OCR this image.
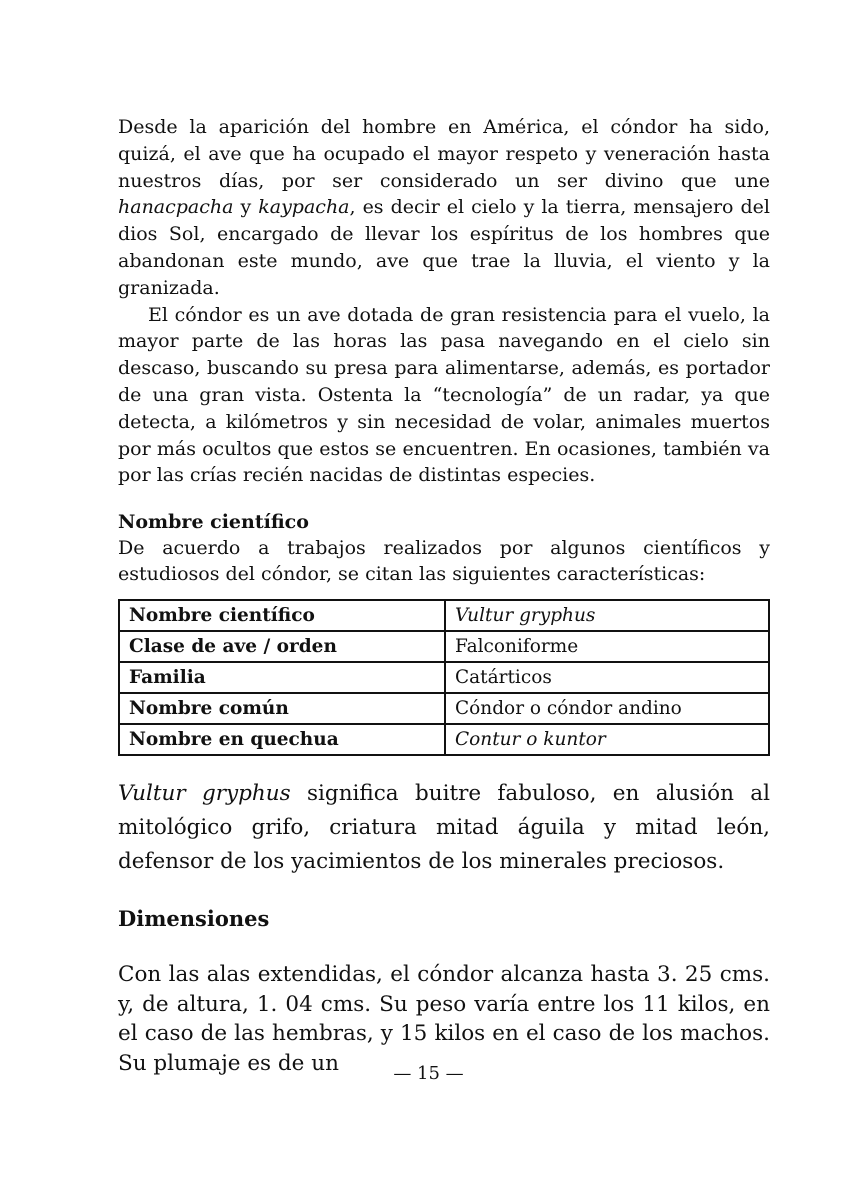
Desde la aparición del hombre en América, el cóndor ha sido, quizá, el ave que ha ocupado el mayor respeto y veneración hasta nuestros días, por ser considerado un ser divino que une hanacpacha y kaypacha, es decir el cielo y la tierra, mensajero del dios Sol, encargado de llevar los espíritus de los hombres que abandonan este mundo, ave que trae la lluvia, el viento y la granizada.

El cóndor es un ave dotada de gran resistencia para el vuelo, la mayor parte de las horas las pasa navegando en el cielo sin descaso, buscando su presa para alimentarse, además, es portador de una gran vista. Ostenta la “tecnología” de un radar, ya que detecta, a kilómetros y sin necesidad de volar, animales muertos por más ocultos que estos se encuentren. En ocasiones, también va por las crías recién nacidas de distintas especies.

Nombre científico

De acuerdo a trabajos realizados por algunos científicos y estudiosos del cóndor, se citan las siguientes características:

Nombre científico	Vultur gryphus
Clase de ave / orden	Falconiforme
Familia	Catárticos
Nombre común	Cóndor o cóndor andino
Nombre en quechua	Contur o kuntor

Vultur gryphus significa buitre fabuloso, en alusión al mitológico grifo, criatura mitad águila y mitad león, defensor de los yacimientos de los minerales preciosos.

Dimensiones

Con las alas extendidas, el cóndor alcanza hasta 3. 25 cms. y, de altura, 1. 04 cms. Su peso varía entre los 11 kilos, en el caso de las hembras, y 15 kilos en el caso de los machos. Su plumaje es de un	— 15 —
